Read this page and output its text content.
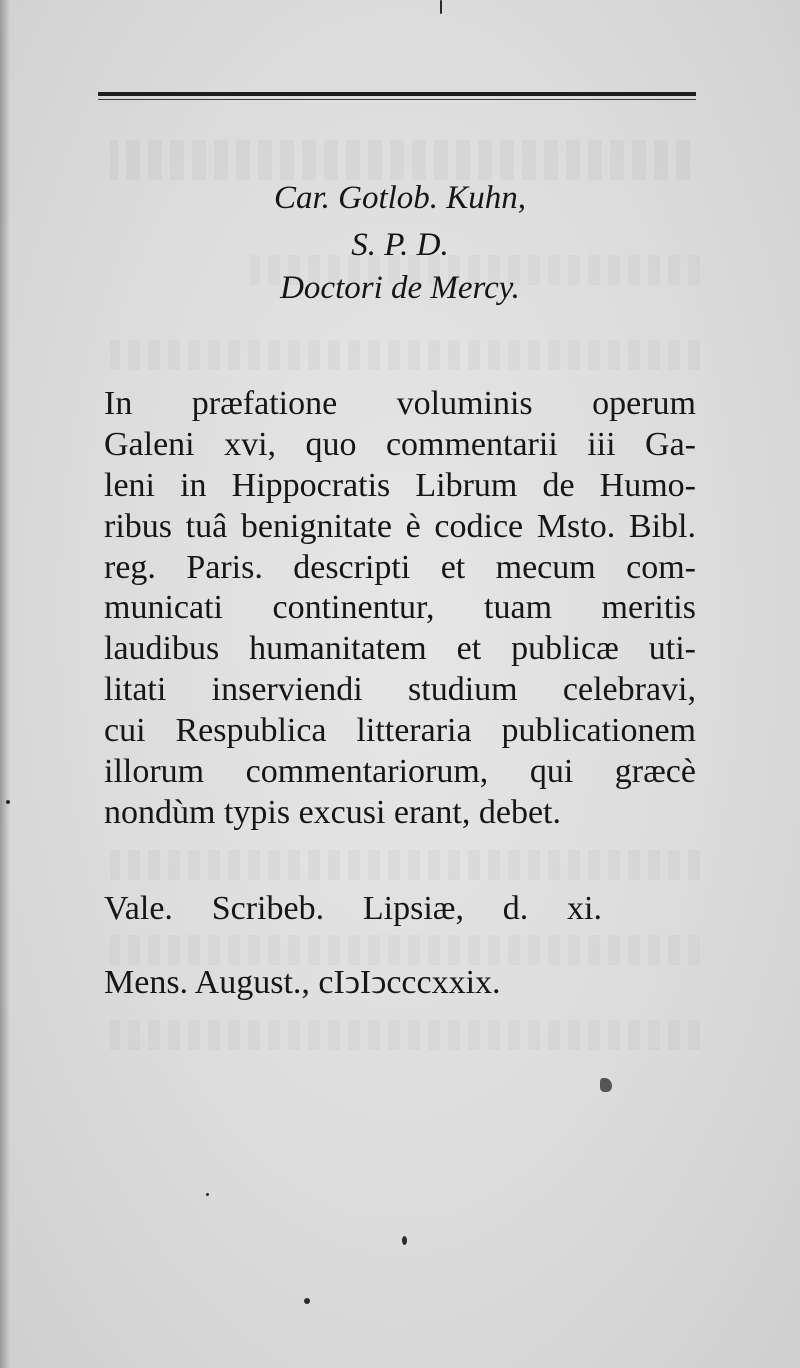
Car. Gotlob. Kuhn,
S. P. D.
Doctori de Mercy.
In præfatione voluminis operum
Galeni xvi, quo commentarii iii Ga-
leni in Hippocratis Librum de Humo-
ribus tuâ benignitate è codice Msto. Bibl.
reg. Paris. descripti et mecum com-
municati continentur, tuam meritis
laudibus humanitatem et publicæ uti-
litati inserviendi studium celebravi,
cui Respublica litteraria publicationem
illorum commentariorum, qui græcè
nondùm typis excusi erant, debet.
Vale. Scribeb. Lipsiæ, d. xi.
Mens. August., cIↄIↄcccxxix.
